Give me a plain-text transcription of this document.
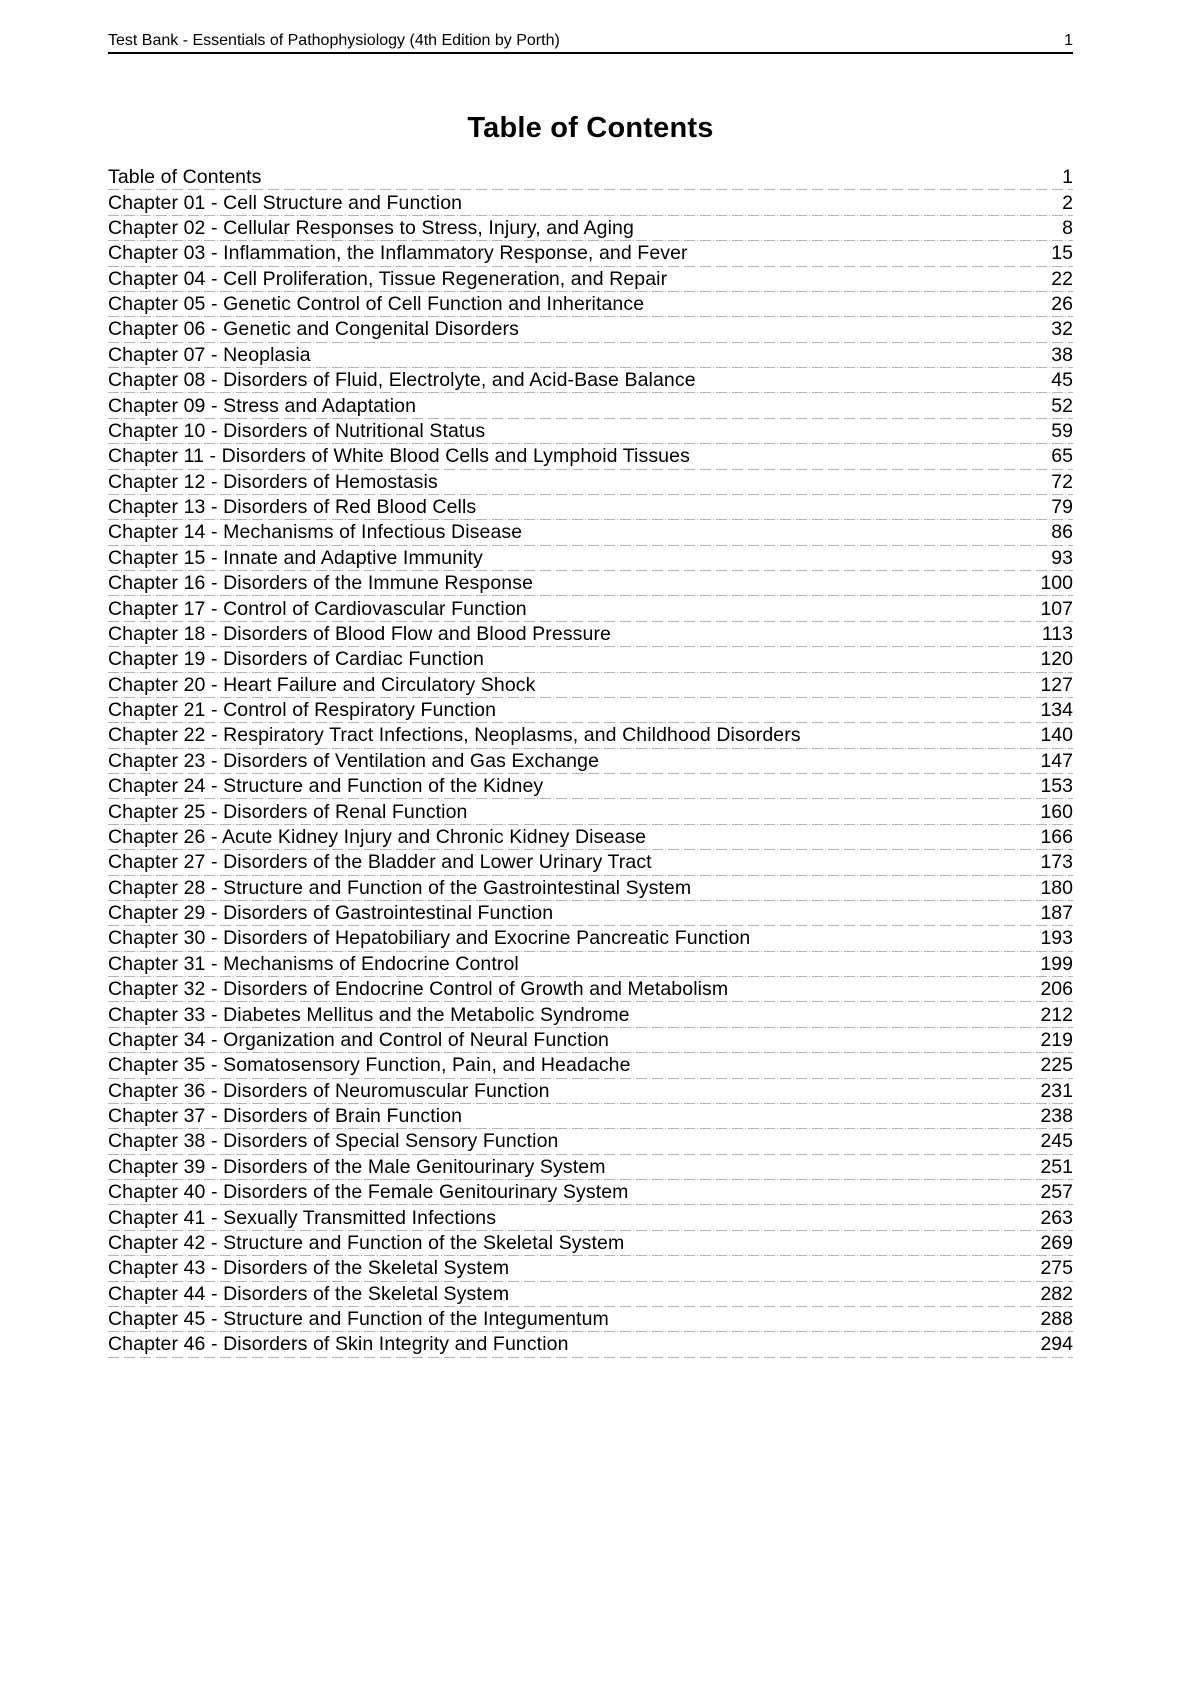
Test Bank - Essentials of Pathophysiology (4th Edition by Porth)	1
Table of Contents
Table of Contents	1
Chapter 01 - Cell Structure and Function	2
Chapter 02 - Cellular Responses to Stress, Injury, and Aging	8
Chapter 03 - Inflammation, the Inflammatory Response, and Fever	15
Chapter 04 - Cell Proliferation, Tissue Regeneration, and Repair	22
Chapter 05 - Genetic Control of Cell Function and Inheritance	26
Chapter 06 - Genetic and Congenital Disorders	32
Chapter 07 - Neoplasia	38
Chapter 08 - Disorders of Fluid, Electrolyte, and Acid-Base Balance	45
Chapter 09 - Stress and Adaptation	52
Chapter 10 - Disorders of Nutritional Status	59
Chapter 11 - Disorders of White Blood Cells and Lymphoid Tissues	65
Chapter 12 - Disorders of Hemostasis	72
Chapter 13 - Disorders of Red Blood Cells	79
Chapter 14 - Mechanisms of Infectious Disease	86
Chapter 15 - Innate and Adaptive Immunity	93
Chapter 16 - Disorders of the Immune Response	100
Chapter 17 - Control of Cardiovascular Function	107
Chapter 18 - Disorders of Blood Flow and Blood Pressure	113
Chapter 19 - Disorders of Cardiac Function	120
Chapter 20 - Heart Failure and Circulatory Shock	127
Chapter 21 - Control of Respiratory Function	134
Chapter 22 - Respiratory Tract Infections, Neoplasms, and Childhood Disorders	140
Chapter 23 - Disorders of Ventilation and Gas Exchange	147
Chapter 24 - Structure and Function of the Kidney	153
Chapter 25 - Disorders of Renal Function	160
Chapter 26 - Acute Kidney Injury and Chronic Kidney Disease	166
Chapter 27 - Disorders of the Bladder and Lower Urinary Tract	173
Chapter 28 - Structure and Function of the Gastrointestinal System	180
Chapter 29 - Disorders of Gastrointestinal Function	187
Chapter 30 - Disorders of Hepatobiliary and Exocrine Pancreatic Function	193
Chapter 31 - Mechanisms of Endocrine Control	199
Chapter 32 - Disorders of Endocrine Control of Growth and Metabolism	206
Chapter 33 - Diabetes Mellitus and the Metabolic Syndrome	212
Chapter 34 - Organization and Control of Neural Function	219
Chapter 35 - Somatosensory Function, Pain, and Headache	225
Chapter 36 - Disorders of Neuromuscular Function	231
Chapter 37 - Disorders of Brain Function	238
Chapter 38 - Disorders of Special Sensory Function	245
Chapter 39 - Disorders of the Male Genitourinary System	251
Chapter 40 - Disorders of the Female Genitourinary System	257
Chapter 41 - Sexually Transmitted Infections	263
Chapter 42 - Structure and Function of the Skeletal System	269
Chapter 43 - Disorders of the Skeletal System	275
Chapter 44 - Disorders of the Skeletal System	282
Chapter 45 - Structure and Function of the Integumentum	288
Chapter 46 - Disorders of Skin Integrity and Function	294
